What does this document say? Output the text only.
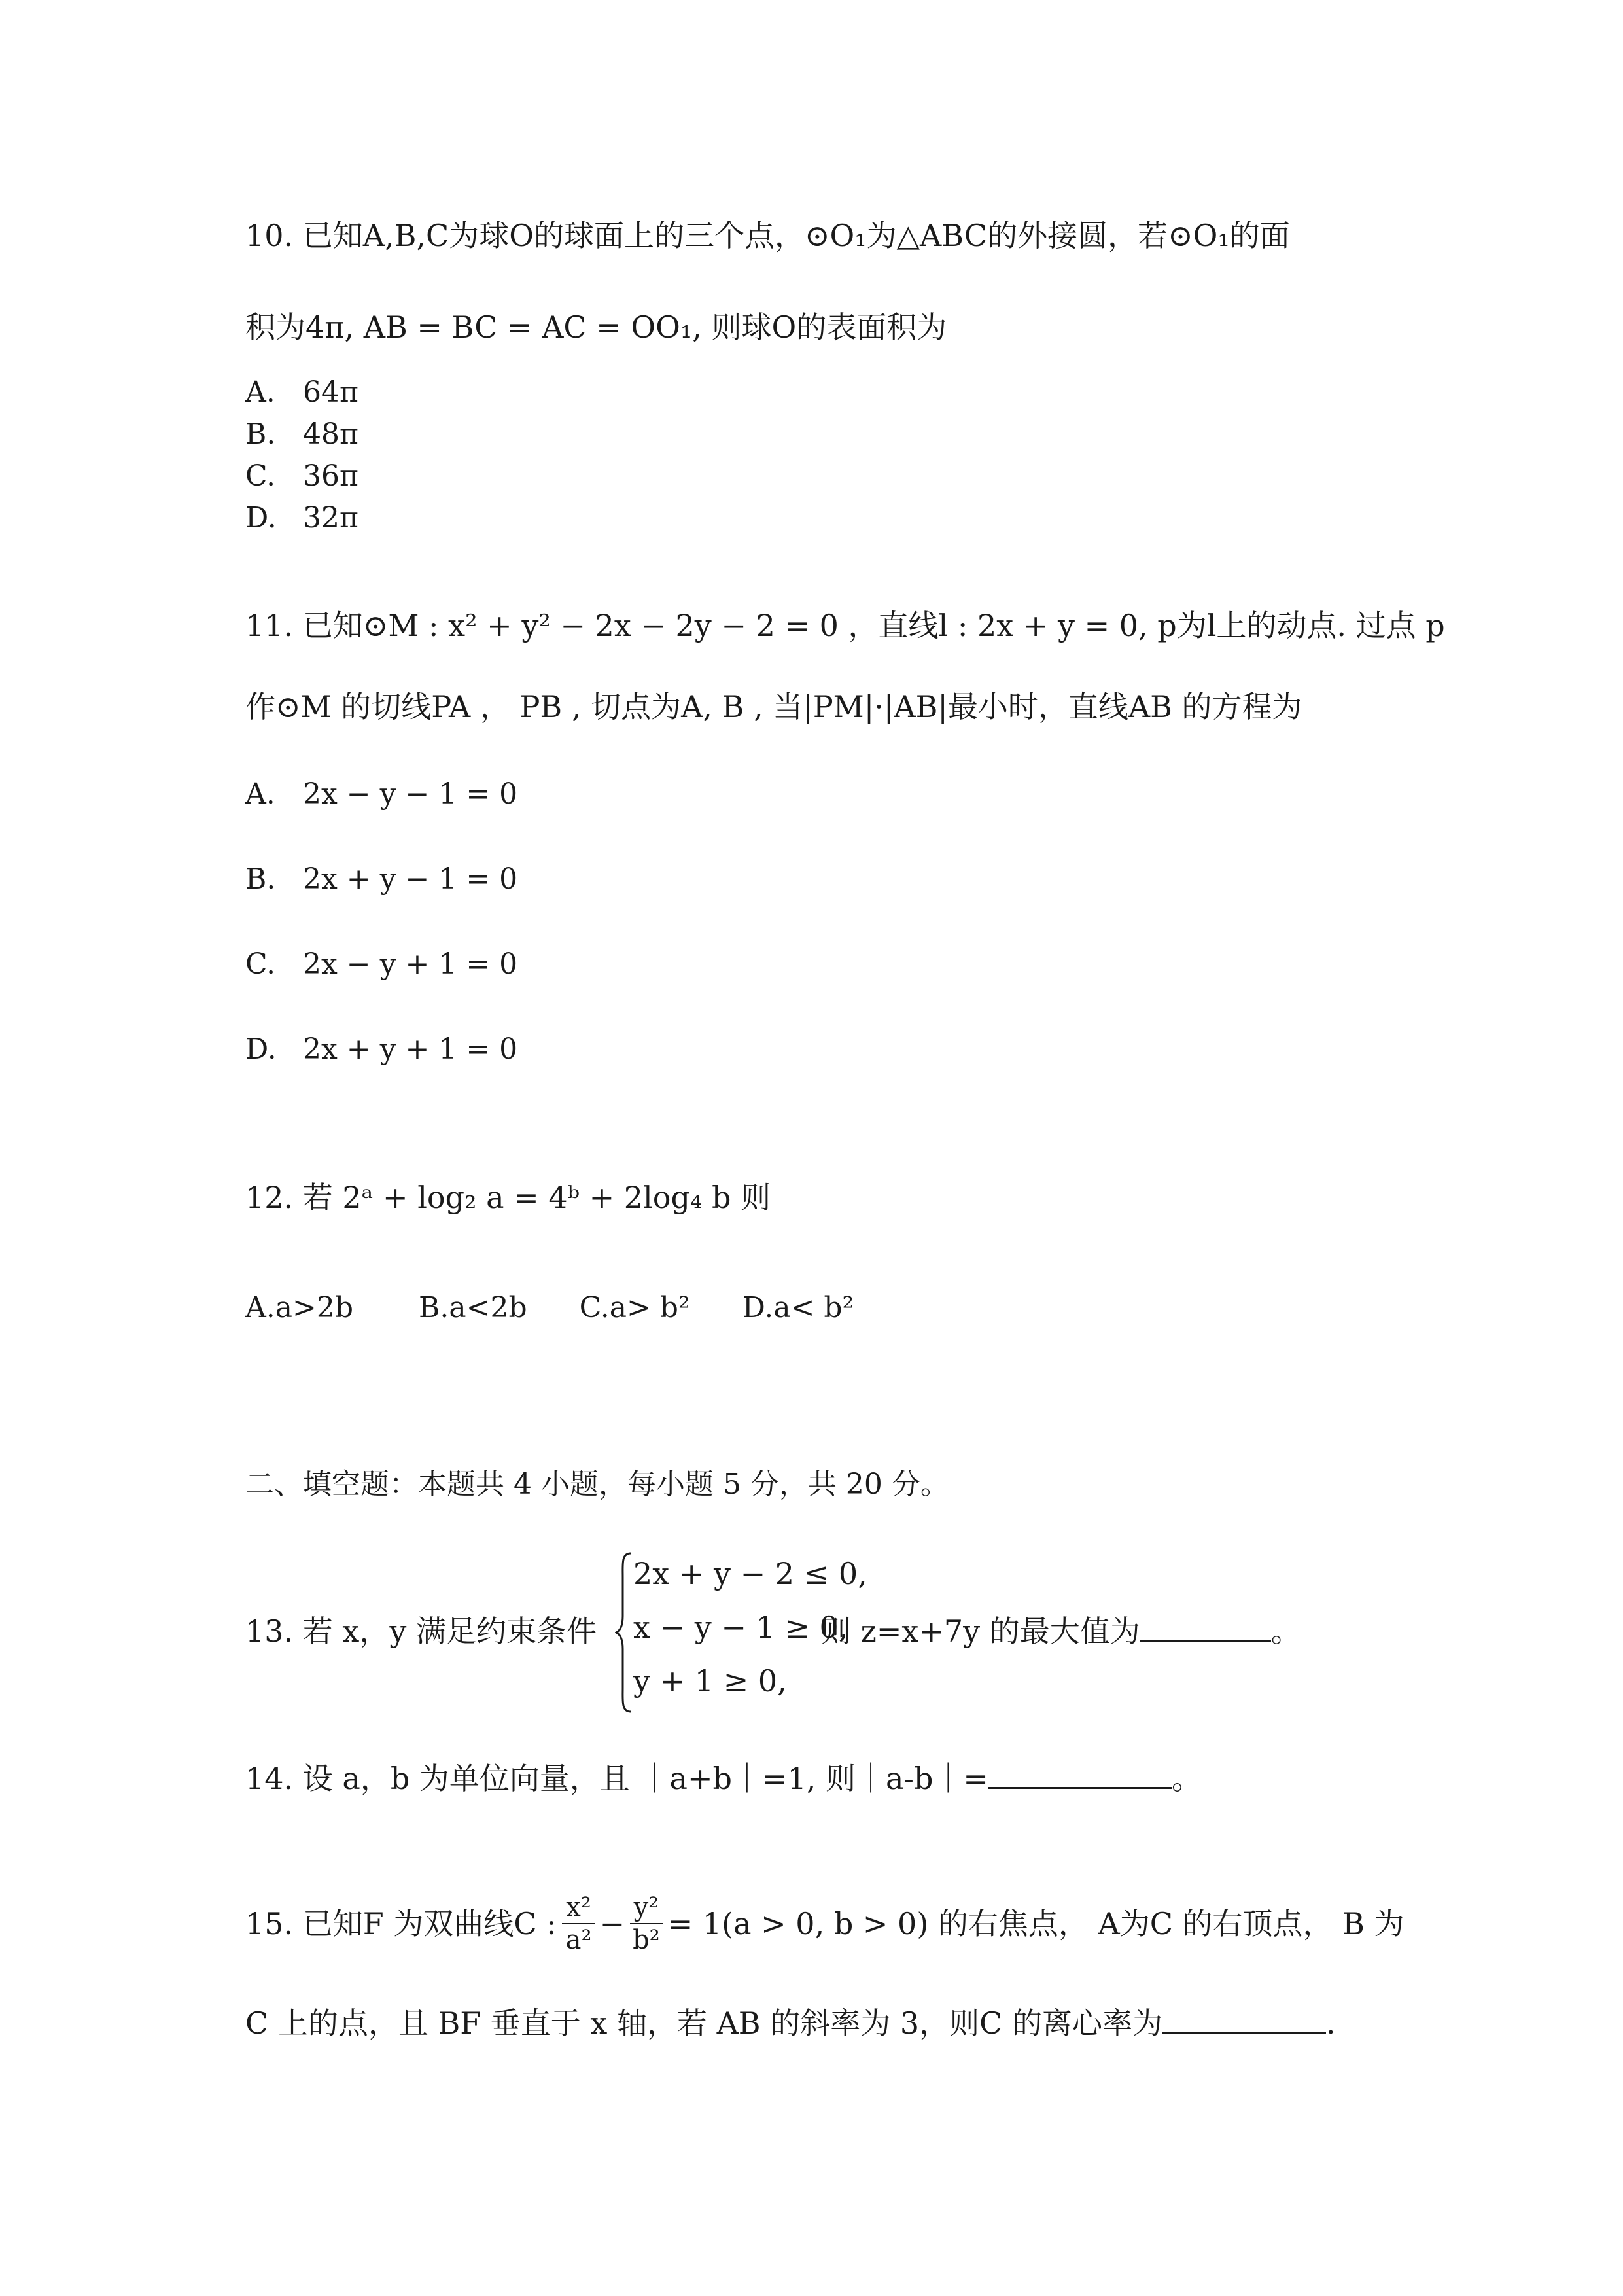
10. 已知A,B,C为球O的球面上的三个点，⊙O₁为△ABC的外接圆，若⊙O₁的面
积为4π, AB = BC = AC = OO₁, 则球O的表面积为
A. 64π
B. 48π
C. 36π
D. 32π
11. 已知⊙M : x² + y² − 2x − 2y − 2 = 0 ，直线l : 2x + y = 0, p为l上的动点. 过点 p
作⊙M 的切线PA ， PB , 切点为A, B , 当|PM|·|AB|最小时，直线AB 的方程为
A. 2x − y − 1 = 0
B. 2x + y − 1 = 0
C. 2x − y + 1 = 0
D. 2x + y + 1 = 0
12. 若 2ᵃ + log₂ a = 4ᵇ + 2log₄ b 则
A.a>2b B.a<2b C.a> b² D.a< b²
二、填空题：本题共 4 小题，每小题 5 分，共 20 分。
13. 若 x，y 满足约束条件
2x + y − 2 ≤ 0,
x − y − 1 ≥ 0,
y + 1 ≥ 0,
则 z=x+7y 的最大值为	。
14. 设 a，b 为单位向量，且 ｜a+b｜=1, 则｜a-b｜=	。
15. 已知F 为双曲线C : $\frac{\text{x²}}{\text{a²}} - \frac{\text{y²}}{\text{b²}} = 1(a > 0$, b > 0) 的右焦点， A为C 的右顶点， B 为
C 上的点，且 BF 垂直于 x 轴，若 AB 的斜率为 3，则C 的离心率为	.
